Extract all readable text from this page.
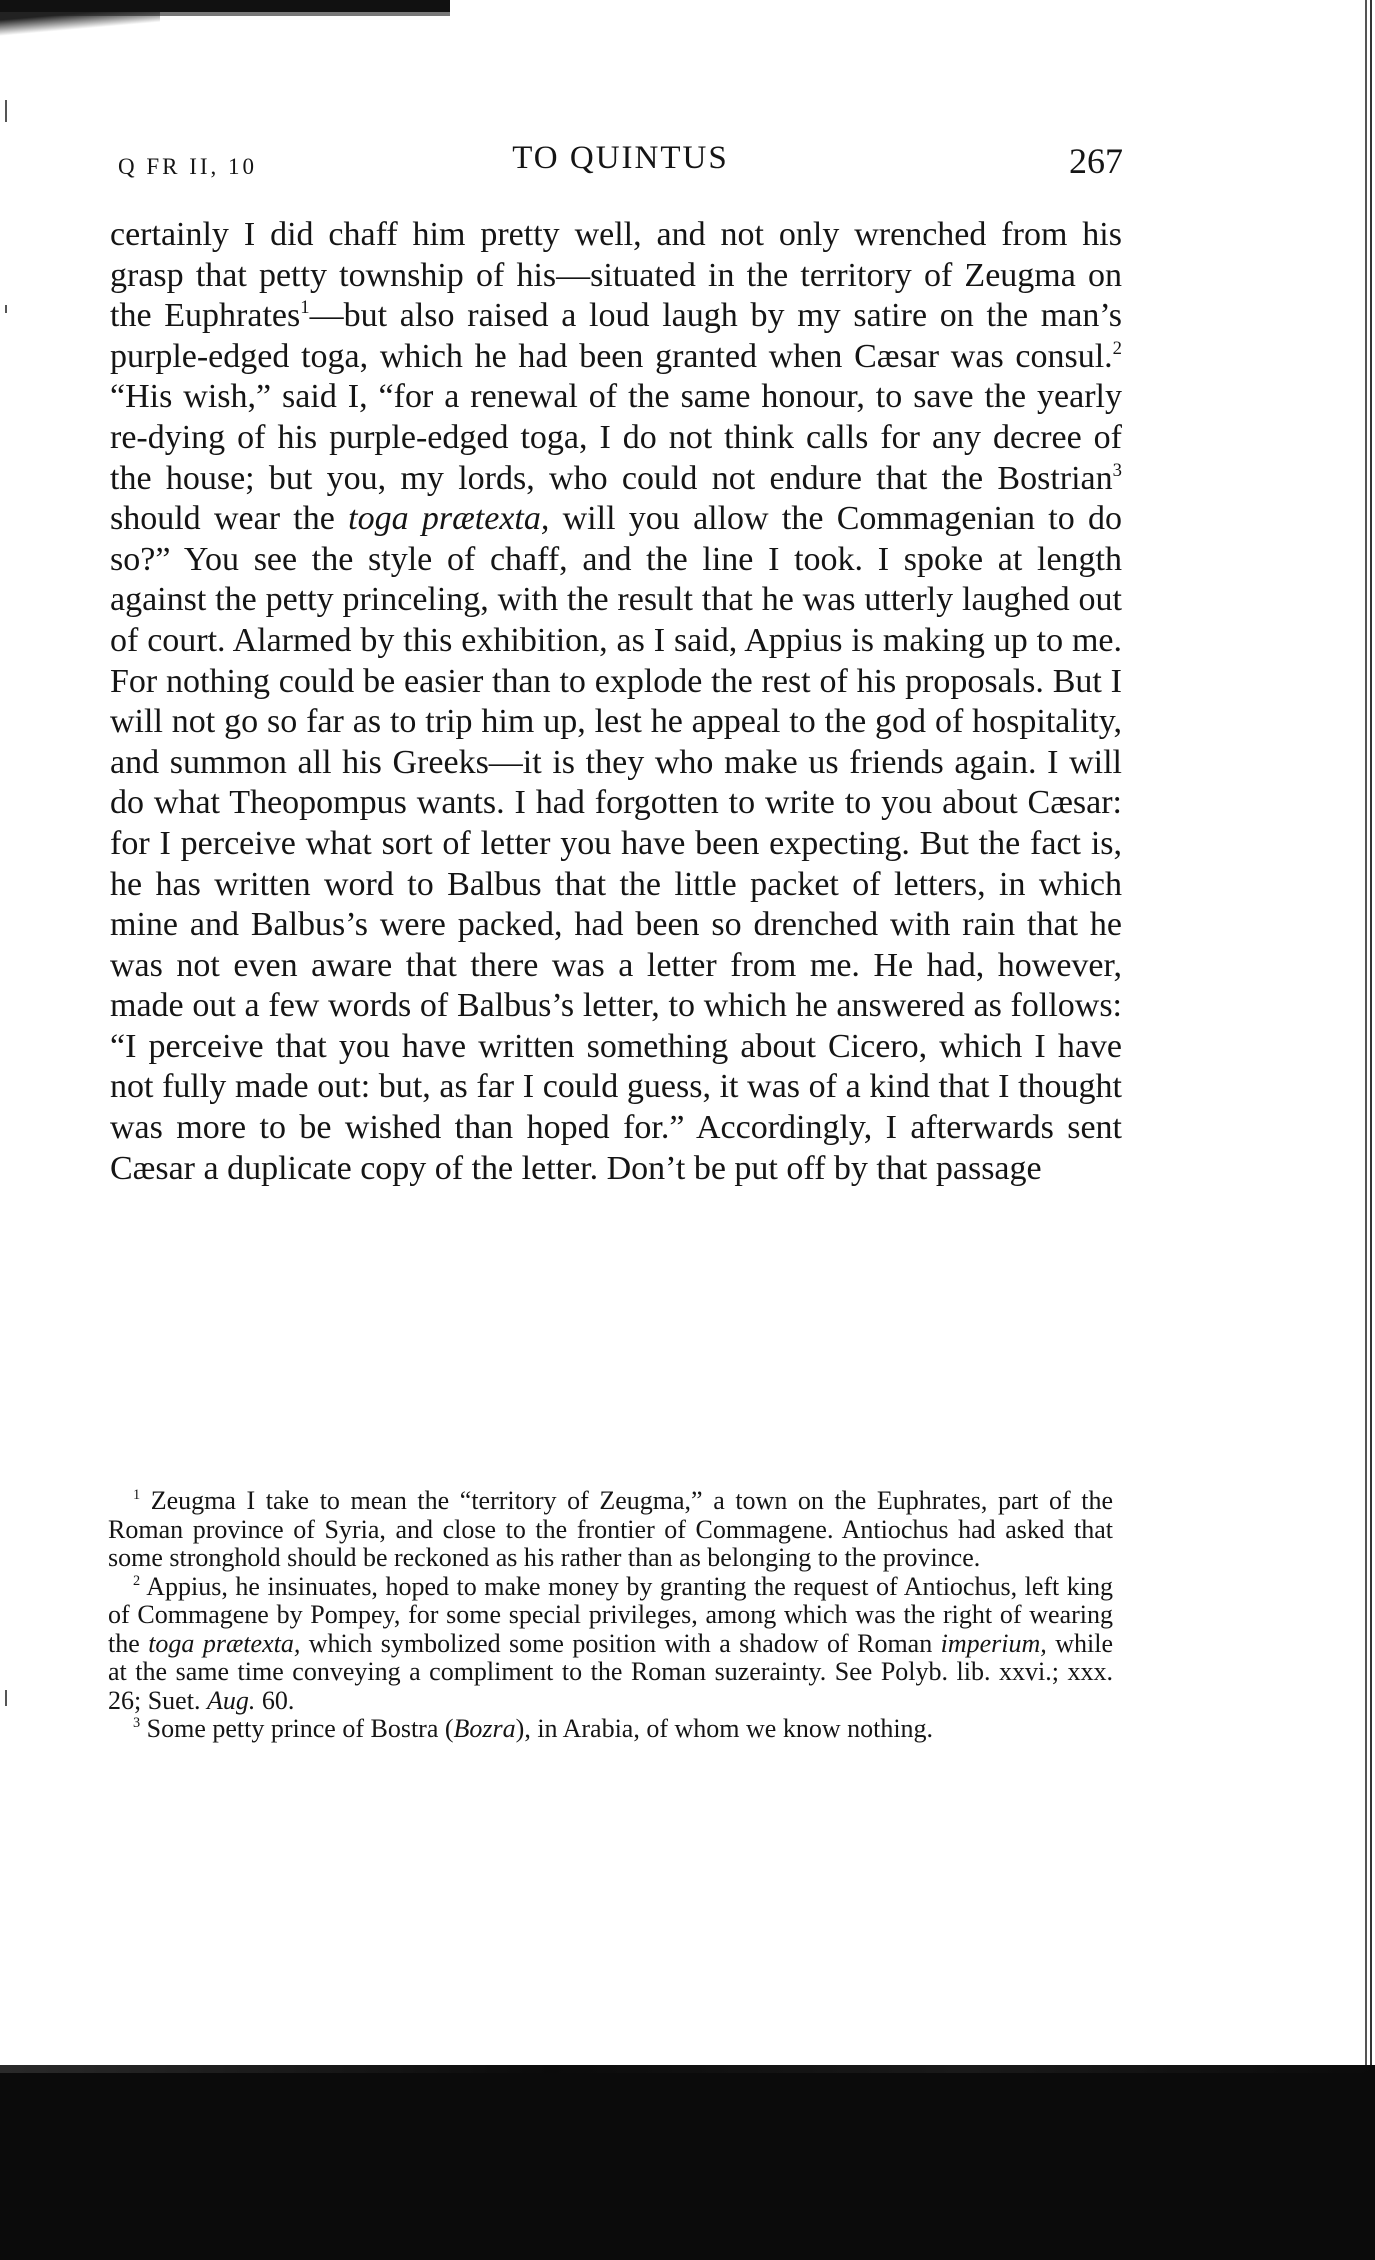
Q FR II, 10	TO QUINTUS	267

certainly I did chaff him pretty well, and not only wrenched from his grasp that petty township of his—situated in the territory of Zeugma on the Euphrates$^1$—but also raised a loud laugh by my satire on the man’s purple-edged toga, which he had been granted when Cæsar was consul.$^2$ “His wish,” said I, “for a renewal of the same honour, to save the yearly re-dying of his purple-edged toga, I do not think calls for any decree of the house; but you, my lords, who could not endure that the Bostrian$^3$ should wear the toga prætexta, will you allow the Commagenian to do so?” You see the style of chaff, and the line I took. I spoke at length against the petty princeling, with the result that he was utterly laughed out of court. Alarmed by this exhibition, as I said, Appius is making up to me. For nothing could be easier than to explode the rest of his proposals. But I will not go so far as to trip him up, lest he appeal to the god of hospitality, and summon all his Greeks—it is they who make us friends again. I will do what Theopompus wants. I had forgotten to write to you about Cæsar: for I perceive what sort of letter you have been expecting. But the fact is, he has written word to Balbus that the little packet of letters, in which mine and Balbus’s were packed, had been so drenched with rain that he was not even aware that there was a letter from me. He had, however, made out a few words of Balbus’s letter, to which he answered as follows: “I perceive that you have written something about Cicero, which I have not fully made out: but, as far I could guess, it was of a kind that I thought was more to be wished than hoped for.” Accordingly, I afterwards sent Cæsar a duplicate copy of the letter. Don’t be put off by that passage

$^1$ Zeugma I take to mean the “territory of Zeugma,” a town on the Euphrates, part of the Roman province of Syria, and close to the frontier of Commagene. Antiochus had asked that some stronghold should be reckoned as his rather than as belonging to the province.

$^2$ Appius, he insinuates, hoped to make money by granting the request of Antiochus, left king of Commagene by Pompey, for some special privileges, among which was the right of wearing the toga prætexta, which symbolized some position with a shadow of Roman imperium, while at the same time conveying a compliment to the Roman suzerainty. See Polyb. lib. xxvi.; xxx. 26; Suet. Aug. 60.

$^3$ Some petty prince of Bostra (Bozra), in Arabia, of whom we know nothing.
